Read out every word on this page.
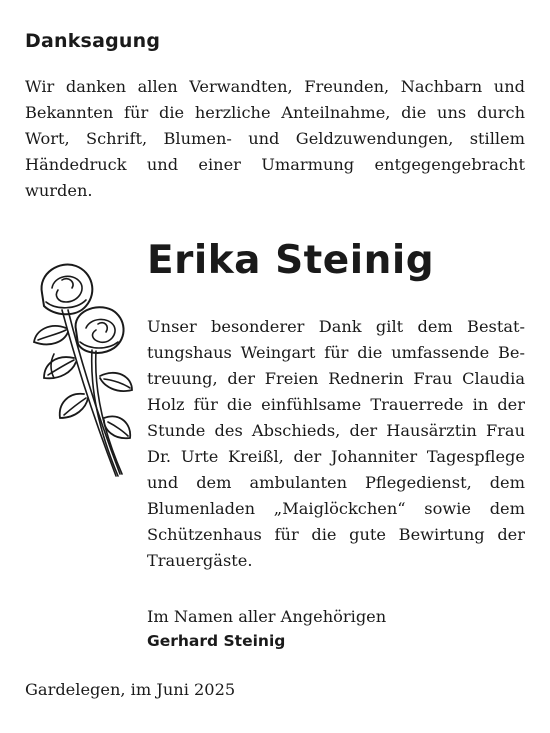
Danksagung

Wir danken allen Verwandten, Freunden, Nachbarn und Bekannten für die herzliche Anteilnahme, die uns durch Wort, Schrift, Blumen- und Geldzuwendungen, stillem Händedruck und einer Umarmung entgegengebracht wurden.

Erika Steinig

Unser besonderer Dank gilt dem Bestattungshaus Weingart für die umfassende Betreuung, der Freien Rednerin Frau Claudia Holz für die einfühlsame Trauerrede in der Stunde des Abschieds, der Hausärztin Frau Dr. Urte Kreißl, der Johanniter Tagespflege und dem ambulanten Pflegedienst, dem Blumenladen „Maiglöckchen“ sowie dem Schützenhaus für die gute Bewirtung der Trauergäste.

Im Namen aller Angehörigen
Gerhard Steinig
Gardelegen, im Juni 2025
